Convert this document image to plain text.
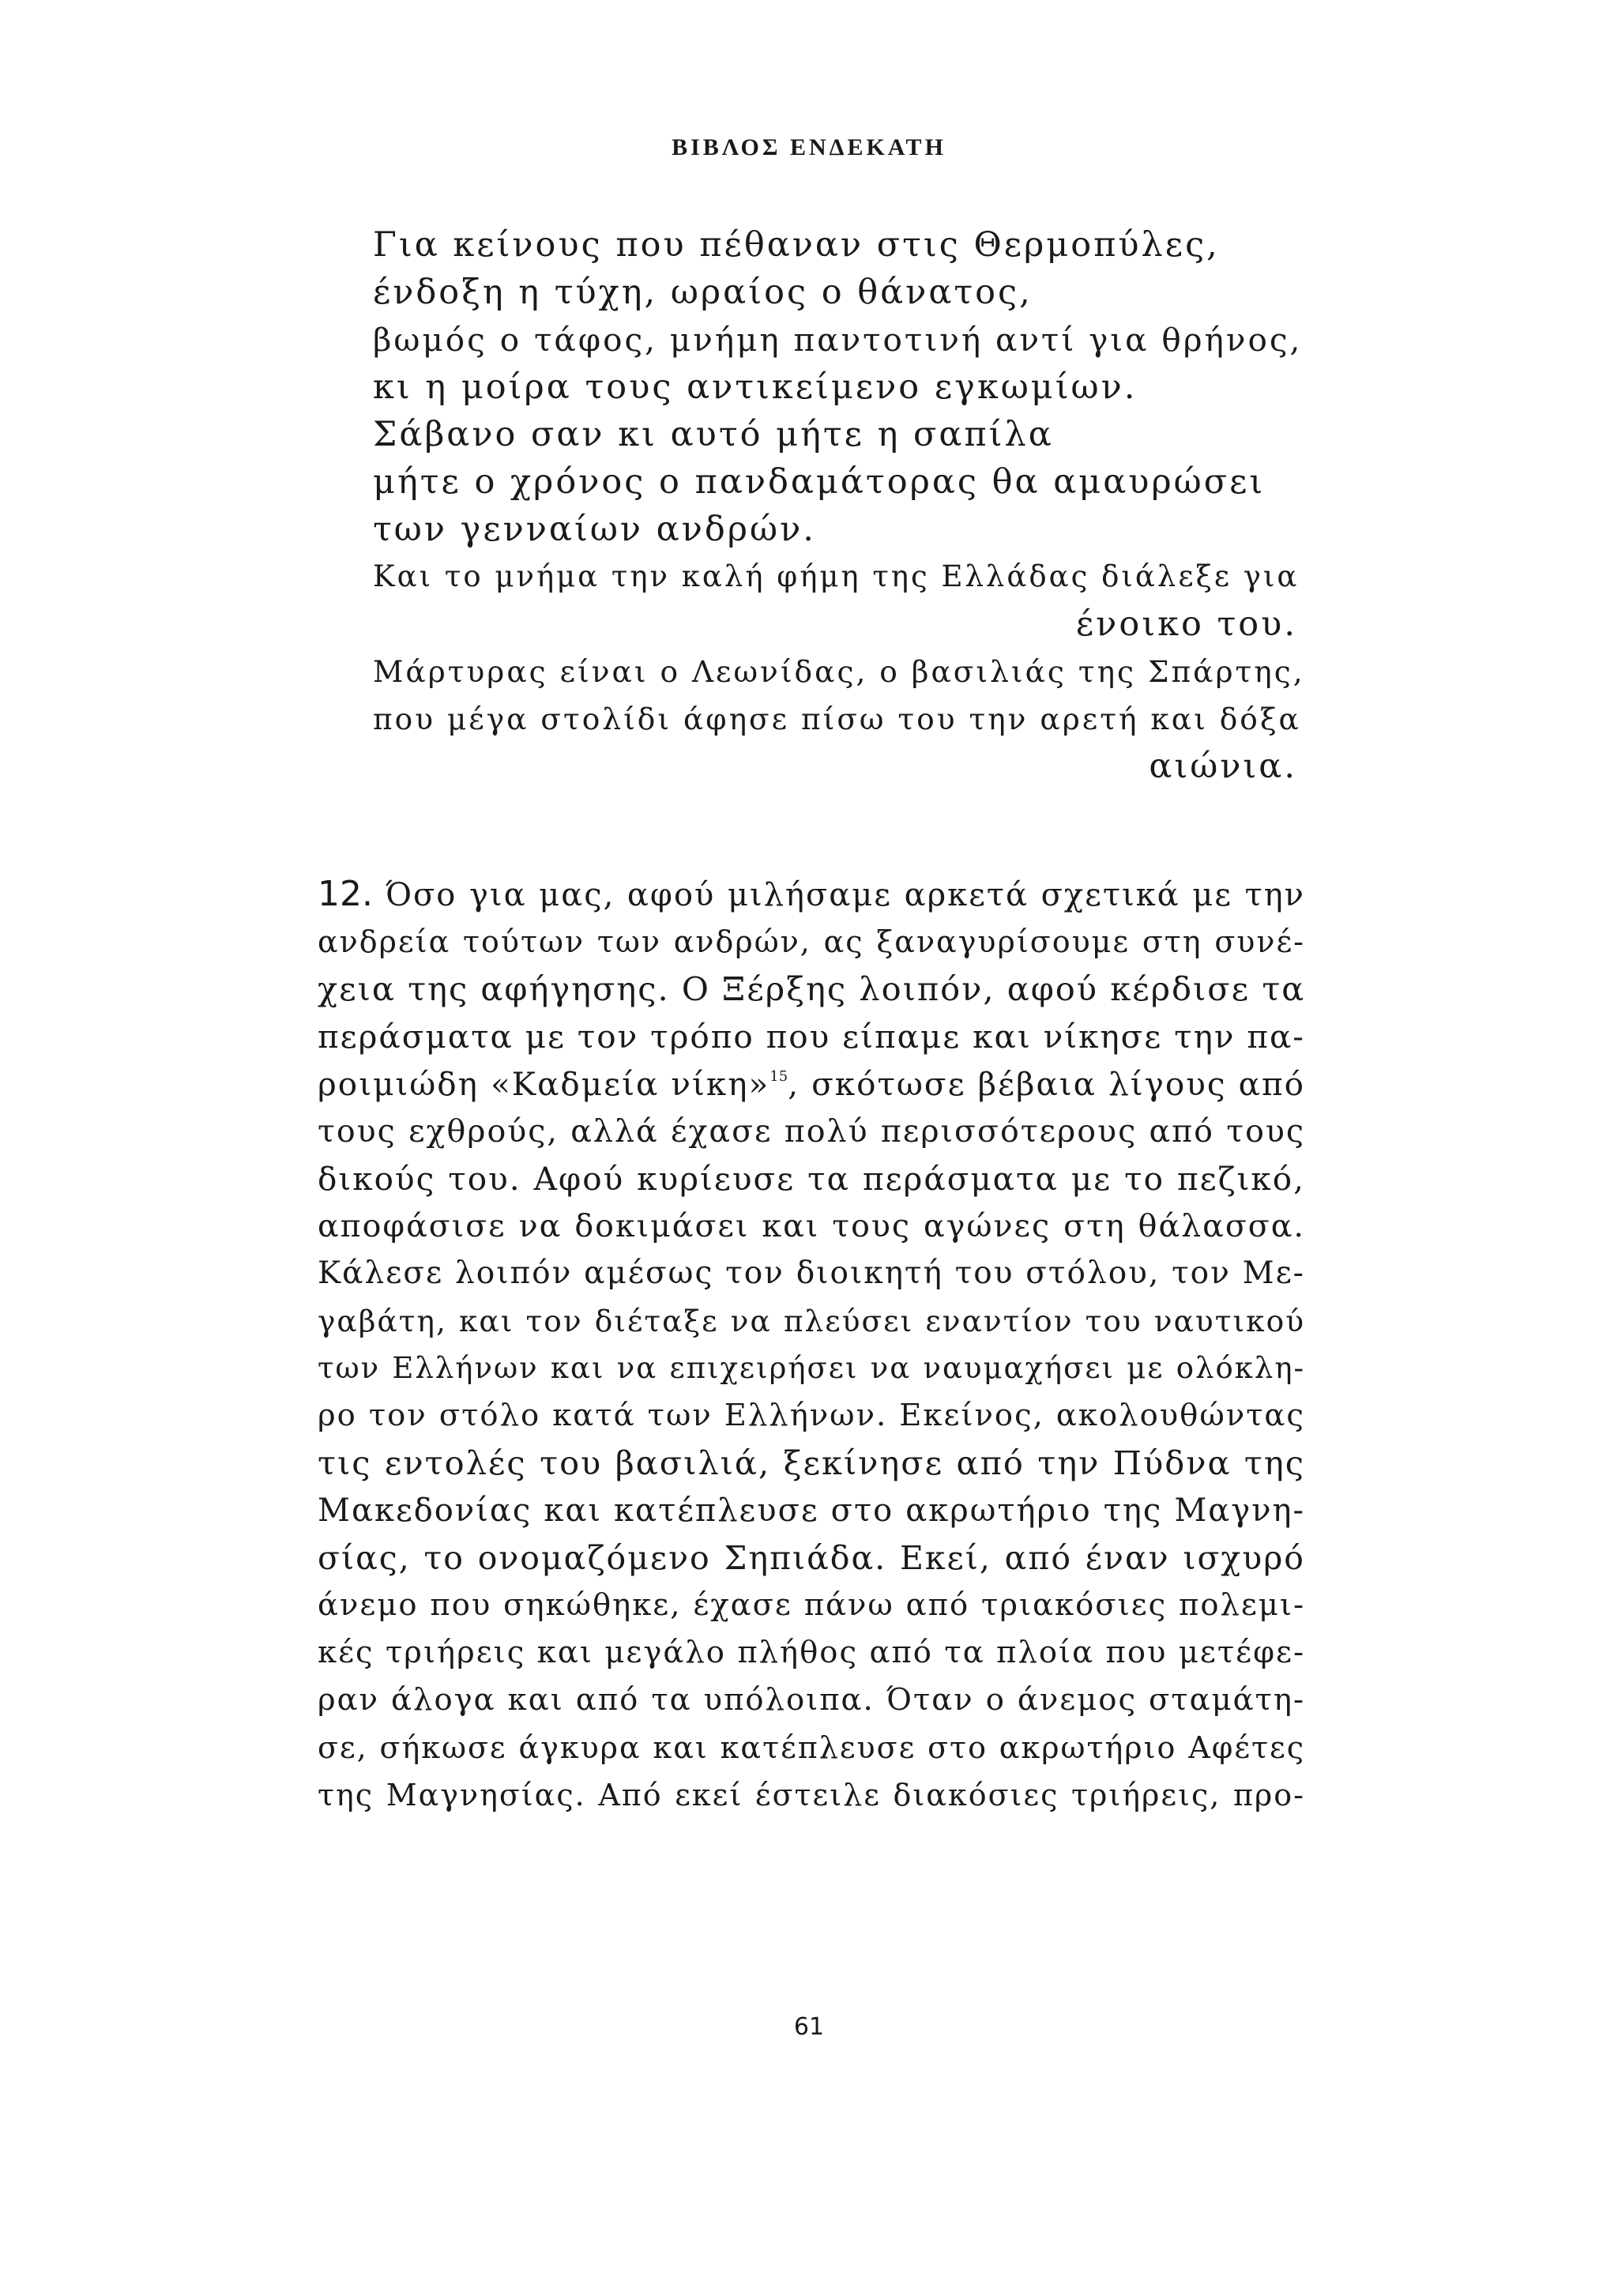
ΒΙΒΛΟΣ ΕΝΔΕΚΑΤΗ
Για κείνους που πέθαναν στις Θερμοπύλες,
ένδοξη η τύχη, ωραίος ο θάνατος,
βωμός ο τάφος, μνήμη παντοτινή αντί για θρήνος,
κι η μοίρα τους αντικείμενο εγκωμίων.
Σάβανο σαν κι αυτό μήτε η σαπίλα
μήτε ο χρόνος ο πανδαμάτορας θα αμαυρώσει
των γενναίων ανδρών.
Και το μνήμα την καλή φήμη της Ελλάδας διάλεξε για
ένοικο του.
Μάρτυρας είναι ο Λεωνίδας, ο βασιλιάς της Σπάρτης,
που μέγα στολίδι άφησε πίσω του την αρετή και δόξα
αιώνια.
12. Όσο για μας, αφού μιλήσαμε αρκετά σχετικά με την
ανδρεία τούτων των ανδρών, ας ξαναγυρίσουμε στη συνέ-
χεια της αφήγησης. Ο Ξέρξης λοιπόν, αφού κέρδισε τα
περάσματα με τον τρόπο που είπαμε και νίκησε την πα-
ροιμιώδη «Καδμεία νίκη»$^{15}$, σκότωσε βέβαια λίγους από
τους εχθρούς, αλλά έχασε πολύ περισσότερους από τους
δικούς του. Αφού κυρίευσε τα περάσματα με το πεζικό,
αποφάσισε να δοκιμάσει και τους αγώνες στη θάλασσα.
Κάλεσε λοιπόν αμέσως τον διοικητή του στόλου, τον Με-
γαβάτη, και τον διέταξε να πλεύσει εναντίον του ναυτικού
των Ελλήνων και να επιχειρήσει να ναυμαχήσει με ολόκλη-
ρο τον στόλο κατά των Ελλήνων. Εκείνος, ακολουθώντας
τις εντολές του βασιλιά, ξεκίνησε από την Πύδνα της
Μακεδονίας και κατέπλευσε στο ακρωτήριο της Μαγνη-
σίας, το ονομαζόμενο Σηπιάδα. Εκεί, από έναν ισχυρό
άνεμο που σηκώθηκε, έχασε πάνω από τριακόσιες πολεμι-
κές τριήρεις και μεγάλο πλήθος από τα πλοία που μετέφε-
ραν άλογα και από τα υπόλοιπα. Όταν ο άνεμος σταμάτη-
σε, σήκωσε άγκυρα και κατέπλευσε στο ακρωτήριο Αφέτες
της Μαγνησίας. Από εκεί έστειλε διακόσιες τριήρεις, προ-
61
